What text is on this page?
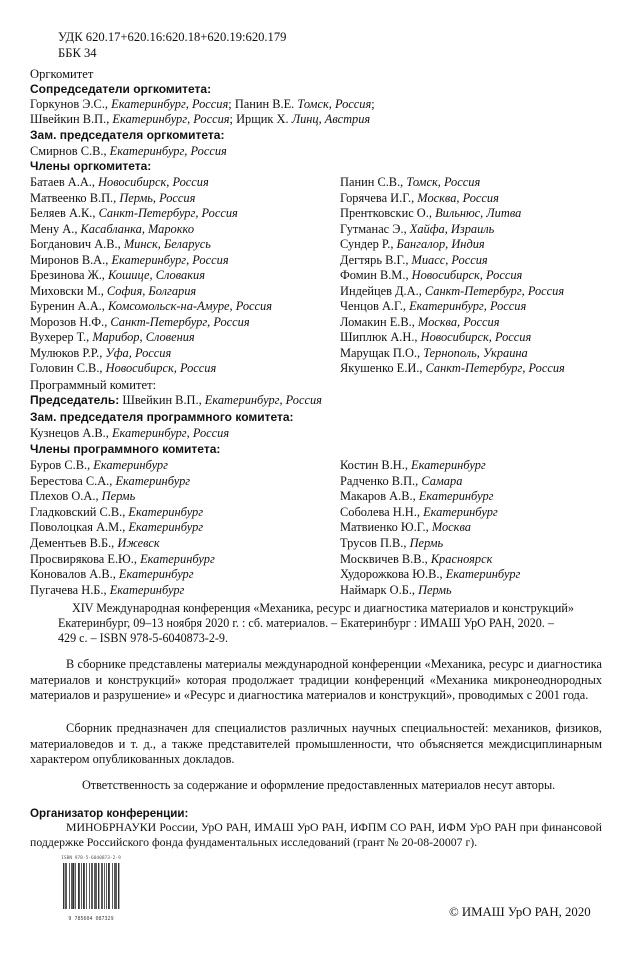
УДК 620.17+620.16:620.18+620.19:620.179
ББК 34
Оргкомитет
Сопредседатели оргкомитета:
Горкунов Э.С., Екатеринбург, Россия; Панин В.Е. Томск, Россия;
Швейкин В.П., Екатеринбург, Россия; Ирщик Х. Линц, Австрия
Зам. председателя оргкомитета:
Смирнов С.В., Екатеринбург, Россия
Члены оргкомитета:
Батаев А.А., Новосибирск, Россия
Матвеенко В.П., Пермь, Россия
Беляев А.К., Санкт-Петербург, Россия
Мену А., Касабланка, Марокко
Богданович А.В., Минск, Беларусь
Миронов В.А., Екатеринбург, Россия
Брезинова Ж., Кошице, Словакия
Миховски М., София, Болгария
Буренин А.А., Комсомольск-на-Амуре, Россия
Морозов Н.Ф., Санкт-Петербург, Россия
Вухерер Т., Марибор, Словения
Мулюков Р.Р., Уфа, Россия
Головин С.В., Новосибирск, Россия
Панин С.В., Томск, Россия
Горячева И.Г., Москва, Россия
Прентковскис О., Вильнюс, Литва
Гутманас Э., Хайфа, Израиль
Сундер Р., Бангалор, Индия
Дегтярь В.Г., Миасс, Россия
Фомин В.М., Новосибирск, Россия
Индейцев Д.А., Санкт-Петербург, Россия
Ченцов А.Г., Екатеринбург, Россия
Ломакин Е.В., Москва, Россия
Шиплюк А.Н., Новосибирск, Россия
Марущак П.О., Тернополь, Украина
Якушенко Е.И., Санкт-Петербург, Россия
Программный комитет:
Председатель: Швейкин В.П., Екатеринбург, Россия
Зам. председателя программного комитета:
Кузнецов А.В., Екатеринбург, Россия
Члены программного комитета:
Буров С.В., Екатеринбург
Берестова С.А., Екатеринбург
Плехов О.А., Пермь
Гладковский С.В., Екатеринбург
Поволоцкая А.М., Екатеринбург
Дементьев В.Б., Ижевск
Просвирякова Е.Ю., Екатеринбург
Коновалов А.В., Екатеринбург
Пугачева Н.Б., Екатеринбург
Костин В.Н., Екатеринбург
Радченко В.П., Самара
Макаров А.В., Екатеринбург
Соболева Н.Н., Екатеринбург
Матвиенко Ю.Г., Москва
Трусов П.В., Пермь
Москвичев В.В., Красноярск
Худорожкова Ю.В., Екатеринбург
Наймарк О.Б., Пермь
XIV Международная конференция «Механика, ресурс и диагностика материалов и конструкций»
Екатеринбург, 09–13 ноября 2020 г. : сб. материалов. – Екатеринбург : ИМАШ УрО РАН, 2020. –
429 с. – ISBN 978-5-6040873-2-9.
В сборнике представлены материалы международной конференции «Механика, ресурс и диагностика материалов и конструкций» которая продолжает традиции конференций «Механика микронеоднородных материалов и разрушение» и «Ресурс и диагностика материалов и конструкций», проводимых с 2001 года.
Сборник предназначен для специалистов различных научных специальностей: механиков, физиков, материаловедов и т. д., а также представителей промышленности, что объясняется междисциплинарным характером опубликованных докладов.
Ответственность за содержание и оформление предоставленных материалов несут авторы.
Организатор конференции:
МИНОБРНАУКИ России, УрО РАН, ИМАШ УрО РАН, ИФПМ СО РАН, ИФМ УрО РАН при финансовой поддержке Российского фонда фундаментальных исследований (грант № 20-08-20007 г).
ISBN 978-5-6040873-2-9
9 785604 087329	© ИМАШ УрО РАН, 2020
